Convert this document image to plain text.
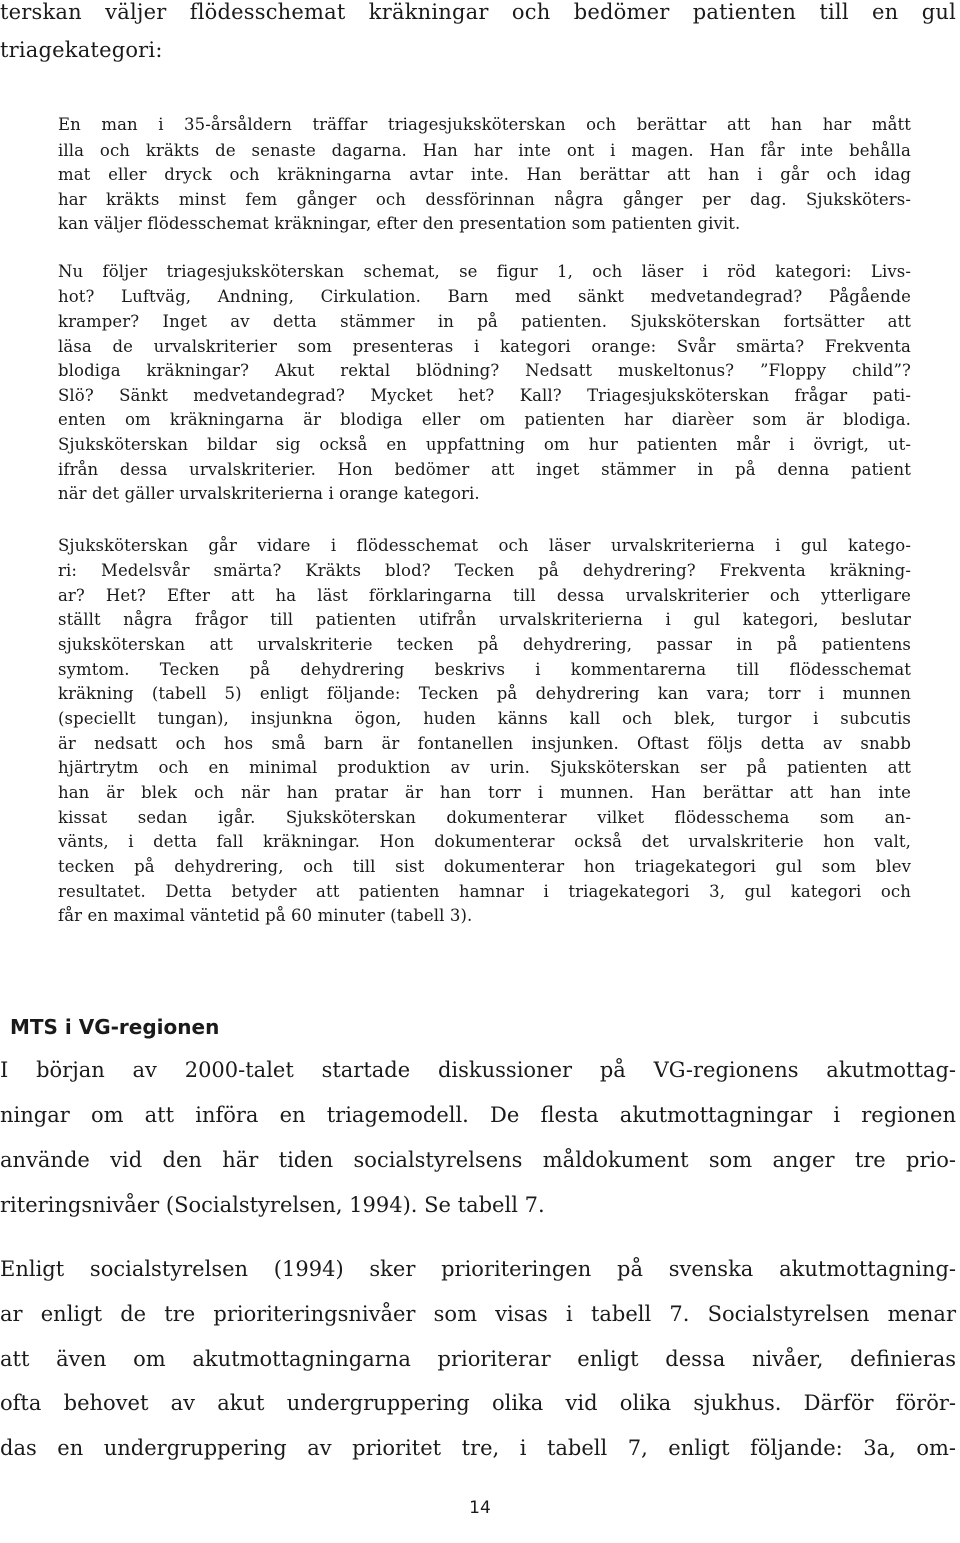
terskan väljer flödesschemat kräkningar och bedömer patienten till en gul

triagekategori:

En man i 35-årsåldern träffar triagesjuksköterskan och berättar att han har mått

illa och kräkts de senaste dagarna. Han har inte ont i magen. Han får inte behålla

mat eller dryck och kräkningarna avtar inte. Han berättar att han i går och idag

har kräkts minst fem gånger och dessförinnan några gånger per dag. Sjuksköters-

kan väljer flödesschemat kräkningar, efter den presentation som patienten givit.

Nu följer triagesjuksköterskan schemat, se figur 1, och läser i röd kategori: Livs-

hot? Luftväg, Andning, Cirkulation. Barn med sänkt medvetandegrad? Pågående

kramper? Inget av detta stämmer in på patienten. Sjuksköterskan fortsätter att

läsa de urvalskriterier som presenteras i kategori orange: Svår smärta? Frekventa

blodiga kräkningar? Akut rektal blödning? Nedsatt muskeltonus? ”Floppy child”?

Slö? Sänkt medvetandegrad? Mycket het? Kall? Triagesjuksköterskan frågar pati-

enten om kräkningarna är blodiga eller om patienten har diarèer som är blodiga.

Sjuksköterskan bildar sig också en uppfattning om hur patienten mår i övrigt, ut-

ifrån dessa urvalskriterier. Hon bedömer att inget stämmer in på denna patient

när det gäller urvalskriterierna i orange kategori.

Sjuksköterskan går vidare i flödesschemat och läser urvalskriterierna i gul katego-

ri: Medelsvår smärta? Kräkts blod? Tecken på dehydrering? Frekventa kräkning-

ar? Het? Efter att ha läst förklaringarna till dessa urvalskriterier och ytterligare

ställt några frågor till patienten utifrån urvalskriterierna i gul kategori, beslutar

sjuksköterskan att urvalskriterie tecken på dehydrering, passar in på patientens

symtom. Tecken på dehydrering beskrivs i kommentarerna till flödesschemat

kräkning (tabell 5) enligt följande: Tecken på dehydrering kan vara; torr i munnen

(speciellt tungan), insjunkna ögon, huden känns kall och blek, turgor i subcutis

är nedsatt och hos små barn är fontanellen insjunken. Oftast följs detta av snabb

hjärtrytm och en minimal produktion av urin. Sjuksköterskan ser på patienten att

han är blek och när han pratar är han torr i munnen. Han berättar att han inte

kissat sedan igår. Sjuksköterskan dokumenterar vilket flödesschema som an-

vänts, i detta fall kräkningar. Hon dokumenterar också det urvalskriterie hon valt,

tecken på dehydrering, och till sist dokumenterar hon triagekategori gul som blev

resultatet. Detta betyder att patienten hamnar i triagekategori 3, gul kategori och

får en maximal väntetid på 60 minuter (tabell 3).

MTS i VG-regionen

I början av 2000-talet startade diskussioner på VG-regionens akutmottag-

ningar om att införa en triagemodell. De flesta akutmottagningar i regionen

använde vid den här tiden socialstyrelsens måldokument som anger tre prio-

riteringsnivåer (Socialstyrelsen, 1994). Se tabell 7.

Enligt socialstyrelsen (1994) sker prioriteringen på svenska akutmottagning-

ar enligt de tre prioriteringsnivåer som visas i tabell 7. Socialstyrelsen menar

att även om akutmottagningarna prioriterar enligt dessa nivåer, definieras

ofta behovet av akut undergruppering olika vid olika sjukhus. Därför förör-

das en undergruppering av prioritet tre, i tabell 7, enligt följande: 3a, om-

14
